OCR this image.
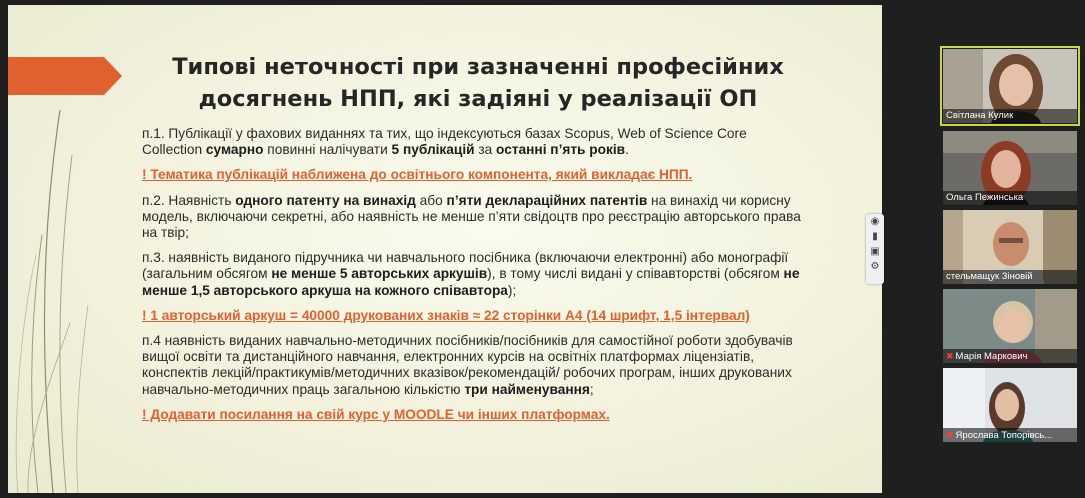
Типові неточності при зазначенні професійних
досягнень НПП, які задіяні у реалізації ОП

п.1. Публікації у фахових виданнях та тих, що індексуються базах Scopus, Web of Science Core Collection сумарно повинні налічувати 5 публікацій за останні п’ять років.

! Тематика публікацій наближена до освітнього компонента, який викладає НПП.

п.2. Наявність одного патенту на винахід або п’яти деклараційних патентів на винахід чи корисну модель, включаючи секретні, або наявність не менше п’яти свідоцтв про реєстрацію авторського права на твір;

п.3. наявність виданого підручника чи навчального посібника (включаючи електронні) або монографії (загальним обсягом не менше 5 авторських аркушів), в тому числі видані у співавторстві (обсягом не менше 1,5 авторського аркуша на кожного співавтора);

! 1 авторський аркуш = 40000 друкованих знаків ≈ 22 сторінки А4 (14 шрифт, 1,5 інтервал)

п.4 наявність виданих навчально-методичних посібників/посібників для самостійної роботи здобувачів вищої освіти та дистанційного навчання, електронних курсів на освітніх платформах ліцензіатів, конспектів лекцій/практикумів/методичних вказівок/рекомендацій/ робочих програм, інших друкованих навчально-методичних праць загальною кількістю три найменування;

! Додавати посилання на свій курс у MOODLE чи інших платформах.

◉
▮
▣
⚙
Світлана Кулик
Ольга Пежинська
стельмащук Зіновій
✖ Марія Маркович
✖ Ярослава Топорівсь...
